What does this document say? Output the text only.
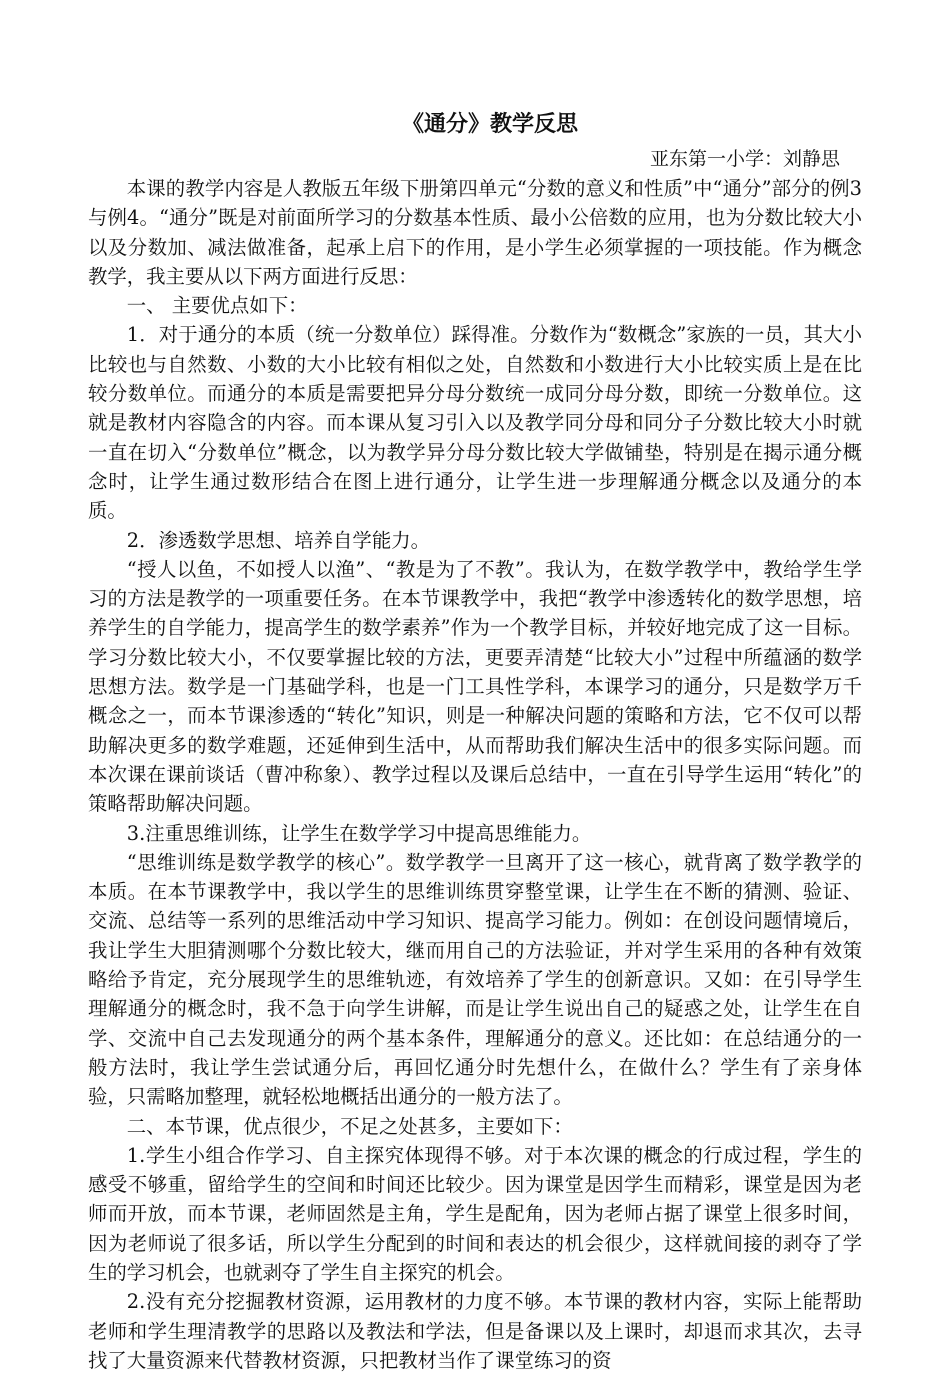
《通分》教学反思

亚东第一小学：刘静思

本课的教学内容是人教版五年级下册第四单元“分数的意义和性质”中“通分”部分的例3 与例4。“通分”既是对前面所学习的分数基本性质、最小公倍数的应用，也为分数比较大小以及分数加、减法做准备，起承上启下的作用，是小学生必须掌握的一项技能。作为概念教学，我主要从以下两方面进行反思：

一、 主要优点如下：

1．对于通分的本质（统一分数单位）踩得准。分数作为“数概念”家族的一员，其大小比较也与自然数、小数的大小比较有相似之处，自然数和小数进行大小比较实质上是在比较分数单位。而通分的本质是需要把异分母分数统一成同分母分数，即统一分数单位。这就是教材内容隐含的内容。而本课从复习引入以及教学同分母和同分子分数比较大小时就一直在切入“分数单位”概念，以为教学异分母分数比较大学做铺垫，特别是在揭示通分概念时，让学生通过数形结合在图上进行通分，让学生进一步理解通分概念以及通分的本质。

2．渗透数学思想、培养自学能力。

“授人以鱼，不如授人以渔”、“教是为了不教”。我认为，在数学教学中，教给学生学习的方法是教学的一项重要任务。在本节课教学中，我把“教学中渗透转化的数学思想，培养学生的自学能力，提高学生的数学素养”作为一个教学目标，并较好地完成了这一目标。学习分数比较大小，不仅要掌握比较的方法，更要弄清楚“比较大小”过程中所蕴涵的数学思想方法。数学是一门基础学科，也是一门工具性学科，本课学习的通分，只是数学万千概念之一，而本节课渗透的“转化”知识，则是一种解决问题的策略和方法，它不仅可以帮助解决更多的数学难题，还延伸到生活中，从而帮助我们解决生活中的很多实际问题。而本次课在课前谈话（曹冲称象）、教学过程以及课后总结中，一直在引导学生运用“转化”的策略帮助解决问题。

3.注重思维训练，让学生在数学学习中提高思维能力。

“思维训练是数学教学的核心”。数学教学一旦离开了这一核心，就背离了数学教学的本质。在本节课教学中，我以学生的思维训练贯穿整堂课，让学生在不断的猜测、验证、交流、总结等一系列的思维活动中学习知识、提高学习能力。例如：在创设问题情境后，我让学生大胆猜测哪个分数比较大，继而用自己的方法验证，并对学生采用的各种有效策略给予肯定，充分展现学生的思维轨迹，有效培养了学生的创新意识。又如：在引导学生理解通分的概念时，我不急于向学生讲解，而是让学生说出自己的疑惑之处，让学生在自学、交流中自己去发现通分的两个基本条件，理解通分的意义。还比如：在总结通分的一般方法时，我让学生尝试通分后，再回忆通分时先想什么，在做什么？学生有了亲身体验，只需略加整理，就轻松地概括出通分的一般方法了。

二、本节课，优点很少，不足之处甚多，主要如下：

1.学生小组合作学习、自主探究体现得不够。对于本次课的概念的行成过程，学生的感受不够重，留给学生的空间和时间还比较少。因为课堂是因学生而精彩，课堂是因为老师而开放，而本节课，老师固然是主角，学生是配角，因为老师占据了课堂上很多时间，因为老师说了很多话，所以学生分配到的时间和表达的机会很少，这样就间接的剥夺了学生的学习机会，也就剥夺了学生自主探究的机会。

2.没有充分挖掘教材资源，运用教材的力度不够。本节课的教材内容，实际上能帮助老师和学生理清教学的思路以及教法和学法，但是备课以及上课时，却退而求其次，去寻找了大量资源来代替教材资源，只把教材当作了课堂练习的资
